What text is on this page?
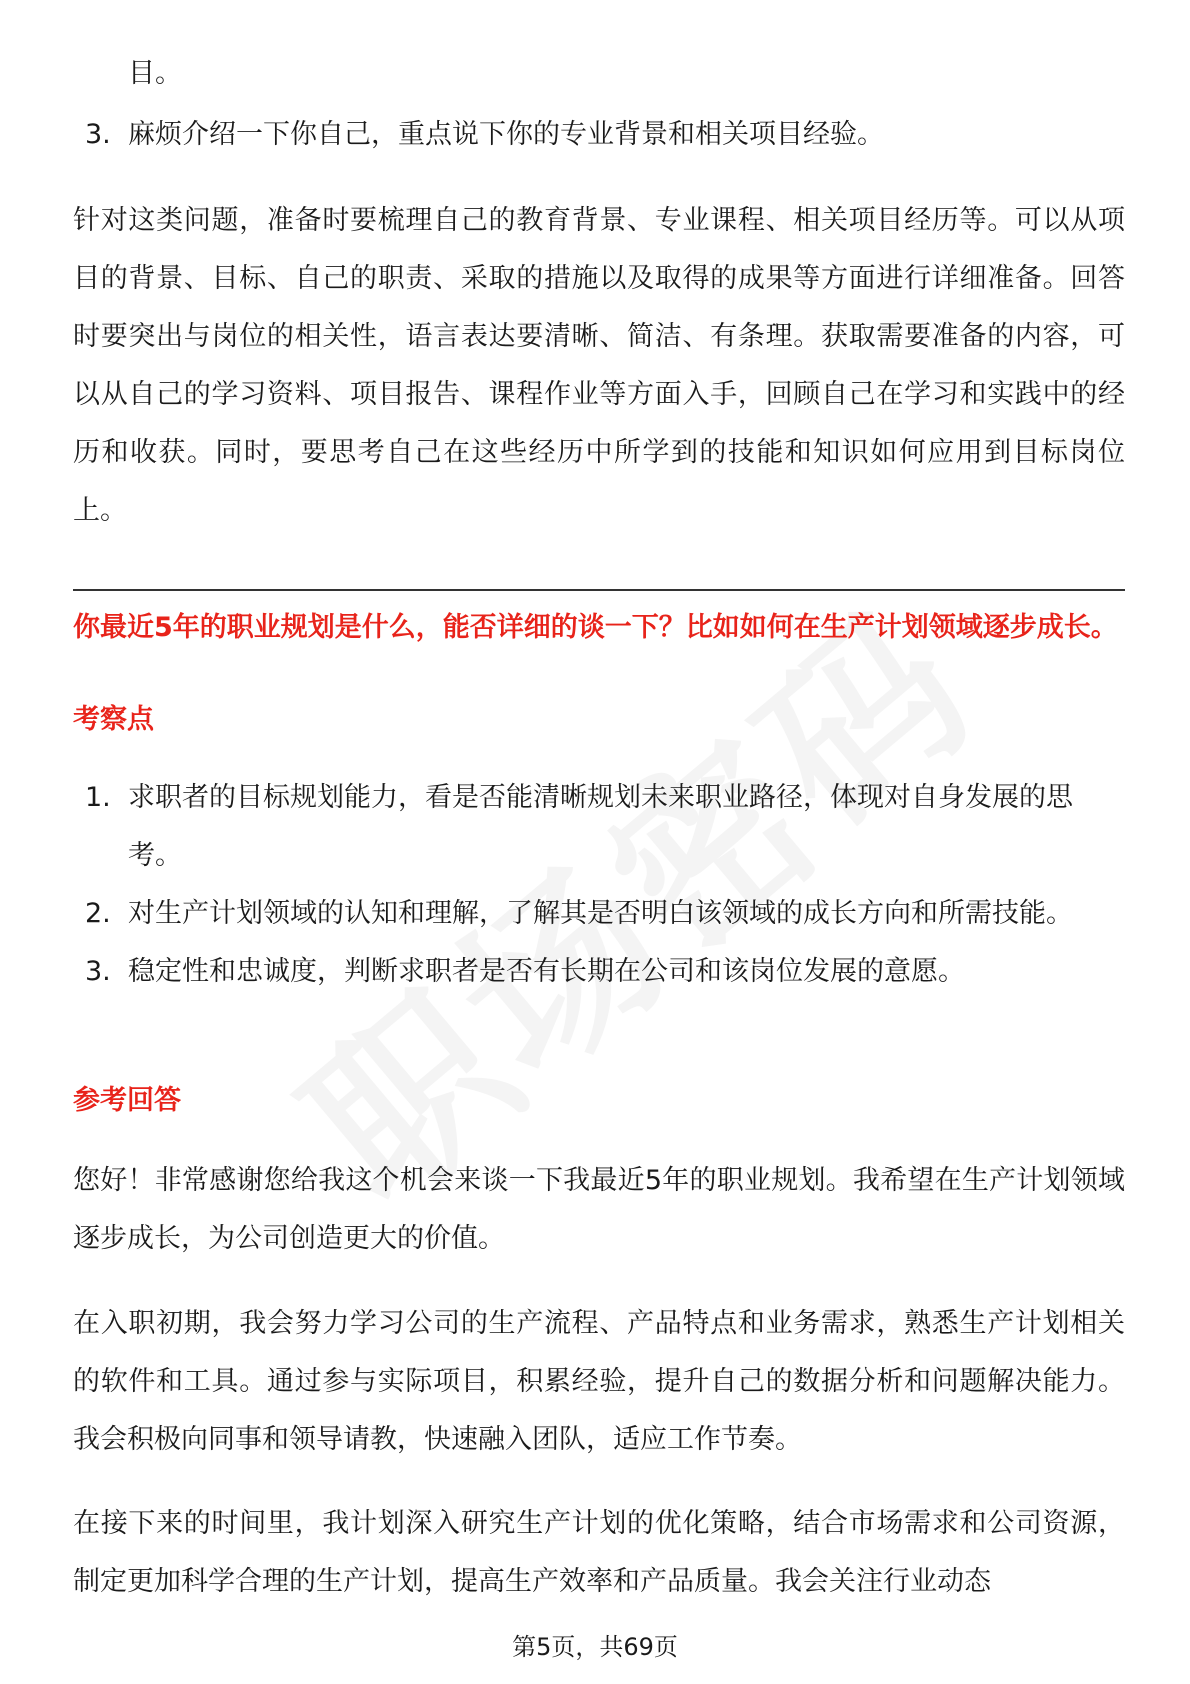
目。

3. 麻烦介绍一下你自己，重点说下你的专业背景和相关项目经验。

针对这类问题，准备时要梳理自己的教育背景、专业课程、相关项目经历等。可以从项目的背景、目标、自己的职责、采取的措施以及取得的成果等方面进行详细准备。回答时要突出与岗位的相关性，语言表达要清晰、简洁、有条理。获取需要准备的内容，可以从自己的学习资料、项目报告、课程作业等方面入手，回顾自己在学习和实践中的经历和收获。同时，要思考自己在这些经历中所学到的技能和知识如何应用到目标岗位上。

你最近5年的职业规划是什么，能否详细的谈一下？比如如何在生产计划领域逐步成长。
考察点
1. 求职者的目标规划能力，看是否能清晰规划未来职业路径，体现对自身发展的思考。
2. 对生产计划领域的认知和理解，了解其是否明白该领域的成长方向和所需技能。
3. 稳定性和忠诚度，判断求职者是否有长期在公司和该岗位发展的意愿。
参考回答

您好！非常感谢您给我这个机会来谈一下我最近5年的职业规划。我希望在生产计划领域逐步成长，为公司创造更大的价值。

在入职初期，我会努力学习公司的生产流程、产品特点和业务需求，熟悉生产计划相关的软件和工具。通过参与实际项目，积累经验，提升自己的数据分析和问题解决能力。我会积极向同事和领导请教，快速融入团队，适应工作节奏。

在接下来的时间里，我计划深入研究生产计划的优化策略，结合市场需求和公司资源，制定更加科学合理的生产计划，提高生产效率和产品质量。我会关注行业动态

第5页，共69页
